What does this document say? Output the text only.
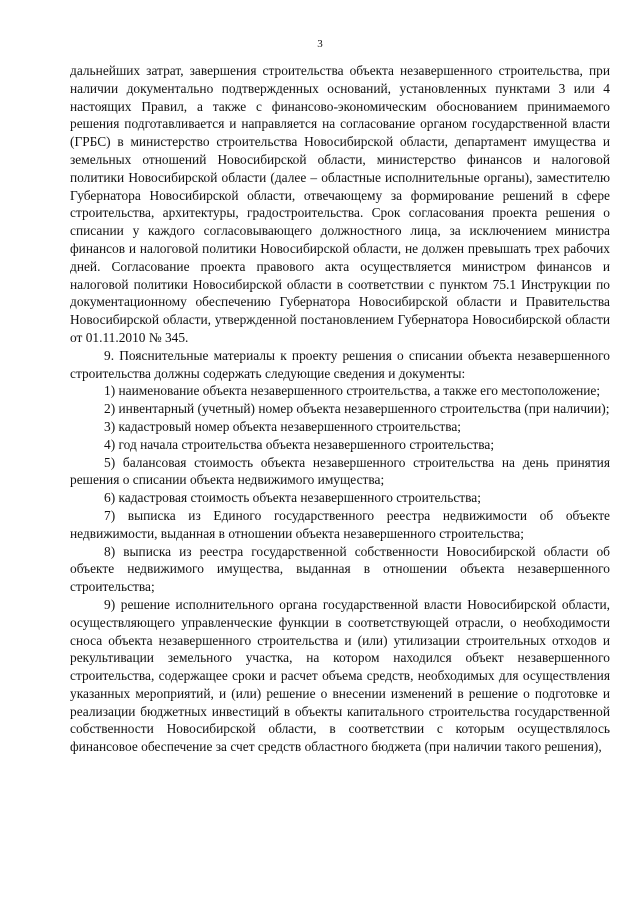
3

дальнейших затрат, завершения строительства объекта незавершенного строительства, при наличии документально подтвержденных оснований, установленных пунктами 3 или 4 настоящих Правил, а также с финансово-экономическим обоснованием принимаемого решения подготавливается и направляется на согласование органом государственной власти (ГРБС) в министерство строительства Новосибирской области, департамент имущества и земельных отношений Новосибирской области, министерство финансов и налоговой политики Новосибирской области (далее – областные исполнительные органы), заместителю Губернатора Новосибирской области, отвечающему за формирование решений в сфере строительства, архитектуры, градостроительства. Срок согласования проекта решения о списании у каждого согласовывающего должностного лица, за исключением министра финансов и налоговой политики Новосибирской области, не должен превышать трех рабочих дней. Согласование проекта правового акта осуществляется министром финансов и налоговой политики Новосибирской области в соответствии с пунктом 75.1 Инструкции по документационному обеспечению Губернатора Новосибирской области и Правительства Новосибирской области, утвержденной постановлением Губернатора Новосибирской области от 01.11.2010 № 345.

9. Пояснительные материалы к проекту решения о списании объекта незавершенного строительства должны содержать следующие сведения и документы:

1) наименование объекта незавершенного строительства, а также его местоположение;

2) инвентарный (учетный) номер объекта незавершенного строительства (при наличии);

3) кадастровый номер объекта незавершенного строительства;

4) год начала строительства объекта незавершенного строительства;

5) балансовая стоимость объекта незавершенного строительства на день принятия решения о списании объекта недвижимого имущества;

6) кадастровая стоимость объекта незавершенного строительства;

7) выписка из Единого государственного реестра недвижимости об объекте недвижимости, выданная в отношении объекта незавершенного строительства;

8) выписка из реестра государственной собственности Новосибирской области об объекте недвижимого имущества, выданная в отношении объекта незавершенного строительства;

9) решение исполнительного органа государственной власти Новосибирской области, осуществляющего управленческие функции в соответствующей отрасли, о необходимости сноса объекта незавершенного строительства и (или) утилизации строительных отходов и рекультивации земельного участка, на котором находился объект незавершенного строительства, содержащее сроки и расчет объема средств, необходимых для осуществления указанных мероприятий, и (или) решение о внесении изменений в решение о подготовке и реализации бюджетных инвестиций в объекты капитального строительства государственной собственности Новосибирской области, в соответствии с которым осуществлялось финансовое обеспечение за счет средств областного бюджета (при наличии такого решения),
